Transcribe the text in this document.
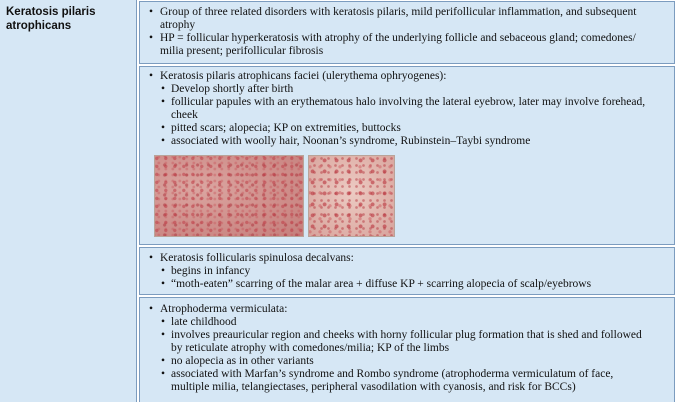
Keratosis pilaris
atrophicans
• Group of three related disorders with keratosis pilaris, mild perifollicular inflammation, and subsequent
atrophy
• HP = follicular hyperkeratosis with atrophy of the underlying follicle and sebaceous gland; comedones/
milia present; perifollicular fibrosis
• Keratosis pilaris atrophicans faciei (ulerythema ophryogenes):
• Develop shortly after birth
• follicular papules with an erythematous halo involving the lateral eyebrow, later may involve forehead,
cheek
• pitted scars; alopecia; KP on extremities, buttocks
• associated with woolly hair, Noonan’s syndrome, Rubinstein–Taybi syndrome
• Keratosis follicularis spinulosa decalvans:
• begins in infancy
• “moth-eaten” scarring of the malar area + diffuse KP + scarring alopecia of scalp/eyebrows
• Atrophoderma vermiculata:
• late childhood
• involves preauricular region and cheeks with horny follicular plug formation that is shed and followed
by reticulate atrophy with comedones/milia; KP of the limbs
• no alopecia as in other variants
• associated with Marfan’s syndrome and Rombo syndrome (atrophoderma vermiculatum of face,
multiple milia, telangiectases, peripheral vasodilation with cyanosis, and risk for BCCs)
